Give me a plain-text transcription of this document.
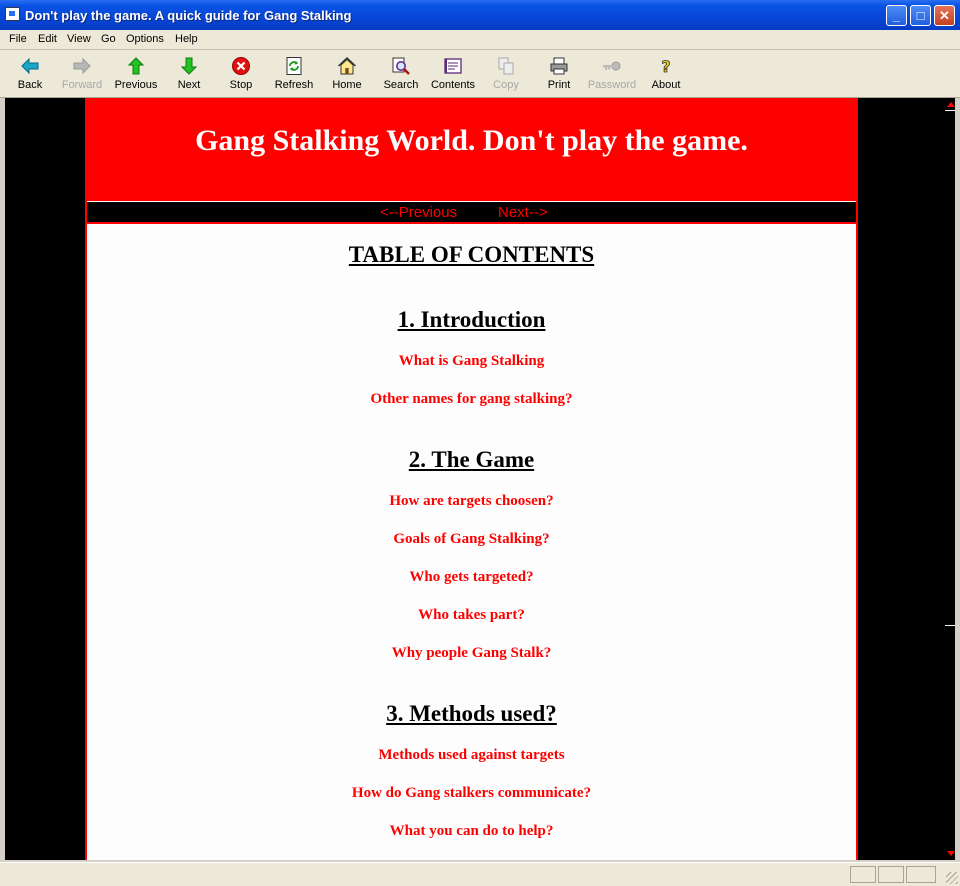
Don't play the game. A quick guide for Gang Stalking	_	□	✕
File Edit View Go Options Help
Back	Forward	Previous	Next	Stop	Refresh	Home	Search	Contents	Copy	Print	Password
?
About
Gang Stalking World. Don't play the game.
<--Previous	Next-->
TABLE OF CONTENTS
1. Introduction
What is Gang Stalking
Other names for gang stalking?
2. The Game
How are targets choosen?
Goals of Gang Stalking?
Who gets targeted?
Who takes part?
Why people Gang Stalk?
3. Methods used?
Methods used against targets
How do Gang stalkers communicate?
What you can do to help?
